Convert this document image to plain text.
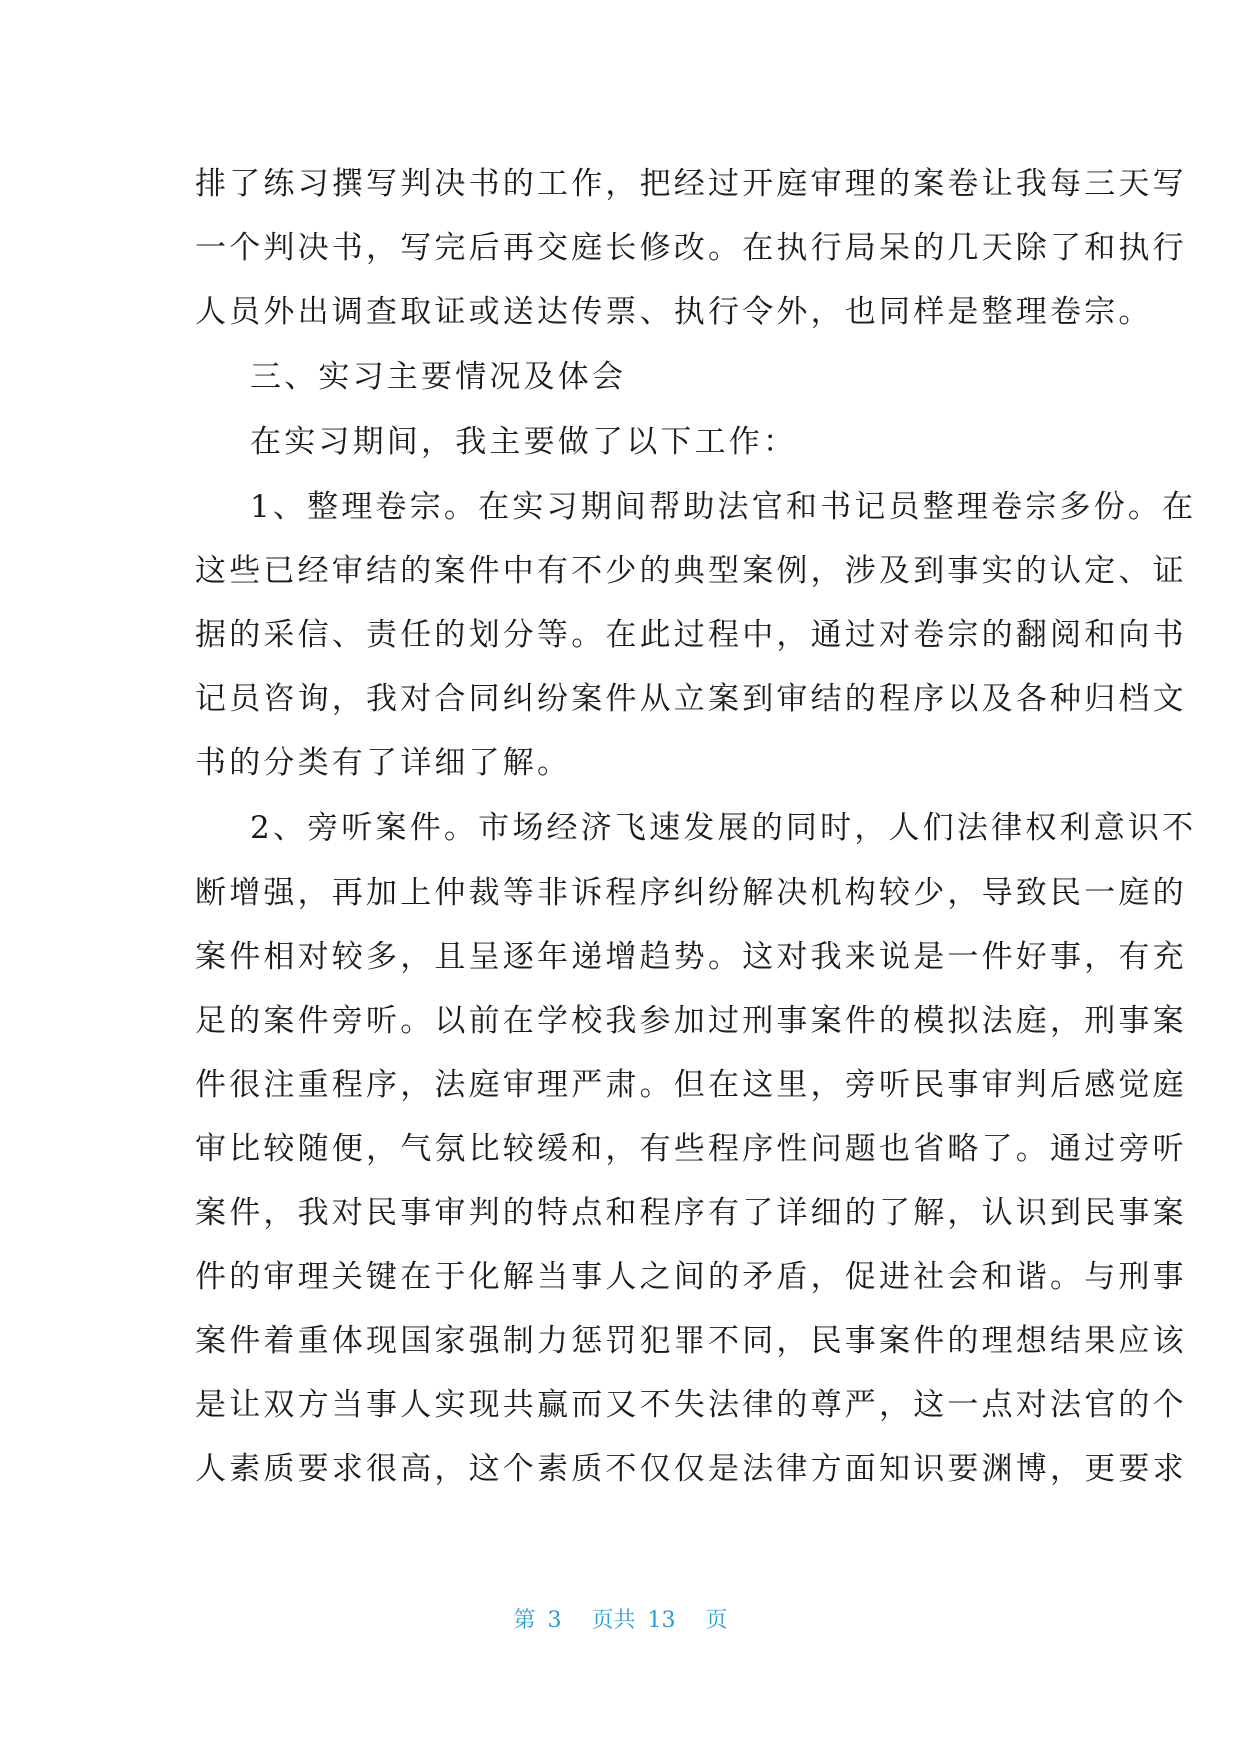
排了练习撰写判决书的工作，把经过开庭审理的案卷让我每三天写
一个判决书，写完后再交庭长修改。在执行局呆的几天除了和执行
人员外出调查取证或送达传票、执行令外，也同样是整理卷宗。
三、实习主要情况及体会
在实习期间，我主要做了以下工作：
1、整理卷宗。在实习期间帮助法官和书记员整理卷宗多份。在
这些已经审结的案件中有不少的典型案例，涉及到事实的认定、证
据的采信、责任的划分等。在此过程中，通过对卷宗的翻阅和向书
记员咨询，我对合同纠纷案件从立案到审结的程序以及各种归档文
书的分类有了详细了解。
2、旁听案件。市场经济飞速发展的同时，人们法律权利意识不
断增强，再加上仲裁等非诉程序纠纷解决机构较少，导致民一庭的
案件相对较多，且呈逐年递增趋势。这对我来说是一件好事，有充
足的案件旁听。以前在学校我参加过刑事案件的模拟法庭，刑事案
件很注重程序，法庭审理严肃。但在这里，旁听民事审判后感觉庭
审比较随便，气氛比较缓和，有些程序性问题也省略了。通过旁听
案件，我对民事审判的特点和程序有了详细的了解，认识到民事案
件的审理关键在于化解当事人之间的矛盾，促进社会和谐。与刑事
案件着重体现国家强制力惩罚犯罪不同，民事案件的理想结果应该
是让双方当事人实现共赢而又不失法律的尊严，这一点对法官的个
人素质要求很高，这个素质不仅仅是法律方面知识要渊博，更要求
第 3 页共 13 页
